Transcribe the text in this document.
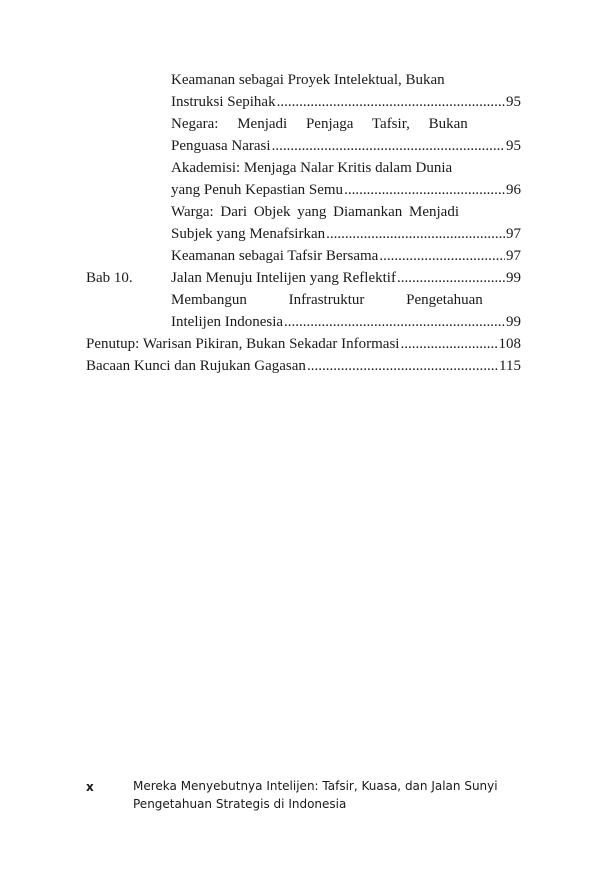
Keamanan sebagai Proyek Intelektual, Bukan
Instruksi Sepihak .....	95
Negara: Menjadi Penjaga Tafsir, Bukan
Penguasa Narasi .....	95
Akademisi: Menjaga Nalar Kritis dalam Dunia
yang Penuh Kepastian Semu .....	96
Warga: Dari Objek yang Diamankan Menjadi
Subjek yang Menafsirkan .....	97
Keamanan sebagai Tafsir Bersama .....	97
Bab 10.	Jalan Menuju Intelijen yang Reflektif .....	99
Membangun Infrastruktur Pengetahuan
Intelijen Indonesia .....	99
Penutup: Warisan Pikiran, Bukan Sekadar Informasi .....	108
Bacaan Kunci dan Rujukan Gagasan .....	115
x	Mereka Menyebutnya Intelijen: Tafsir, Kuasa, dan Jalan Sunyi
Pengetahuan Strategis di Indonesia
